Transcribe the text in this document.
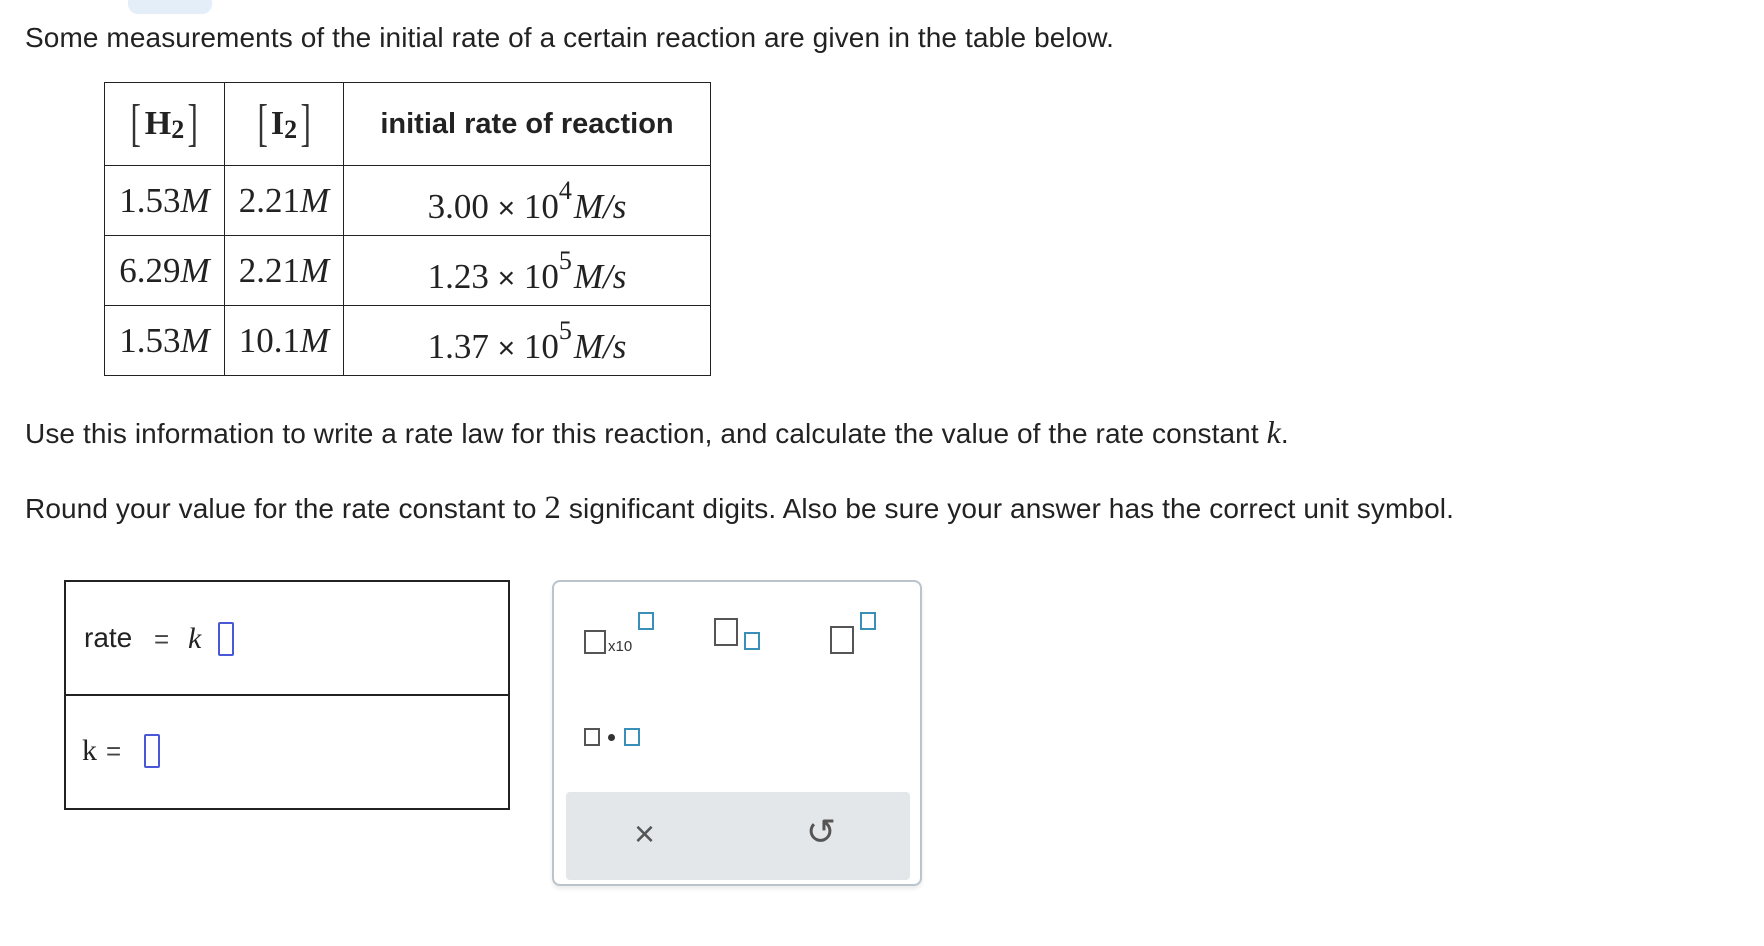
Some measurements of the initial rate of a certain reaction are given in the table below.
[ $H_2$ ]	[ $I_2$ ]	initial rate of reaction
1.53M	2.21M	$3.00 \times 10^4M/s$
6.29M	2.21M	$1.23 \times 10^5M/s$
1.53M	10.1M	$1.37 \times 10^5M/s$
Use this information to write a rate law for this reaction, and calculate the value of the rate constant k.
Round your value for the rate constant to 2 significant digits. Also be sure your answer has the correct unit symbol.
rate = k
k =
x10
×	↺
